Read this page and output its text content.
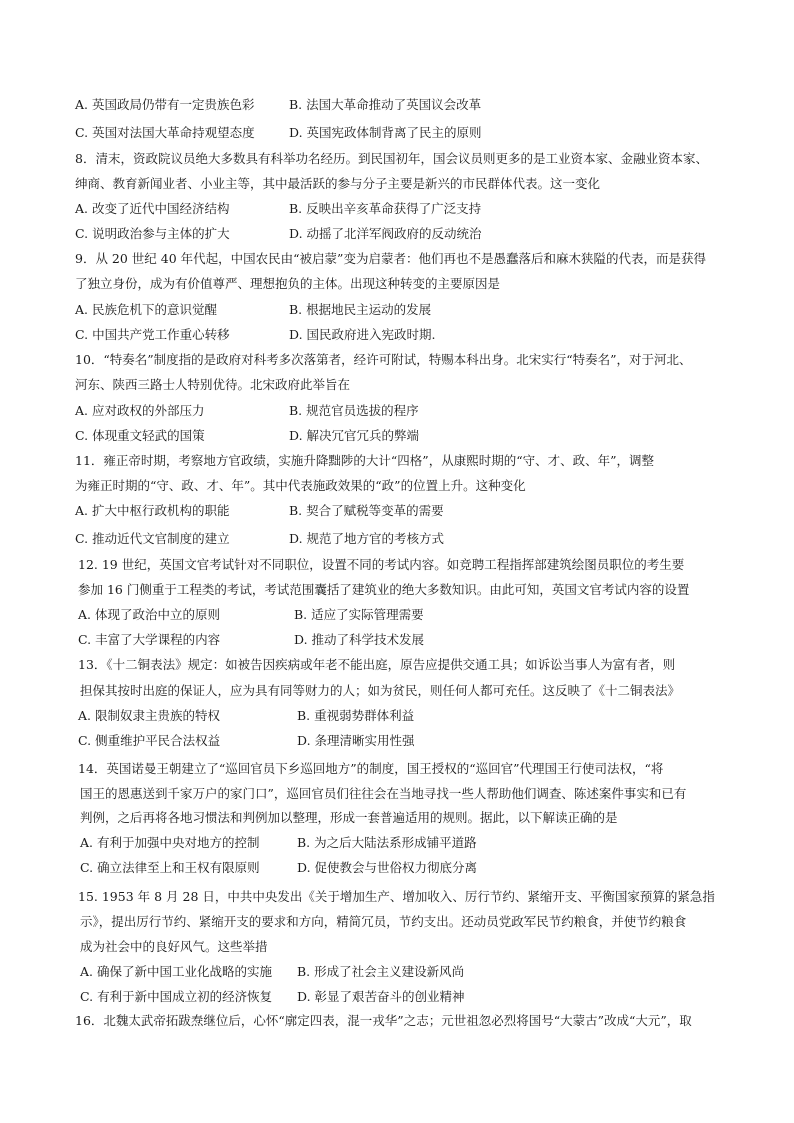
A. 英国政局仍带有一定贵族色彩	B. 法国大革命推动了英国议会改革
C. 英国对法国大革命持观望态度	D. 英国宪政体制背离了民主的原则
8．清末，资政院议员绝大多数具有科举功名经历。到民国初年，国会议员则更多的是工业资本家、金融业资本家、
绅商、教育新闻业者、小业主等，其中最活跃的参与分子主要是新兴的市民群体代表。这一变化
A. 改变了近代中国经济结构	B. 反映出辛亥革命获得了广泛支持
C. 说明政治参与主体的扩大	D. 动摇了北洋军阀政府的反动统治
9．从 20 世纪 40 年代起，中国农民由“被启蒙”变为启蒙者：他们再也不是愚蠢落后和麻木狭隘的代表，而是获得
了独立身份，成为有价值尊严、理想抱负的主体。出现这种转变的主要原因是
A. 民族危机下的意识觉醒	B. 根据地民主运动的发展
C. 中国共产党工作重心转移	D. 国民政府进入宪政时期.
10．“特奏名”制度指的是政府对科考多次落第者，经许可附试，特赐本科出身。北宋实行“特奏名”，对于河北、
河东、陕西三路士人特别优待。北宋政府此举旨在
A. 应对政权的外部压力	B. 规范官员选拔的程序
C. 体现重文轻武的国策	D. 解决冗官冗兵的弊端
11．雍正帝时期，考察地方官政绩，实施升降黜陟的大计“四格”，从康熙时期的“守、才、政、年”，调整
为雍正时期的“守、政、才、年”。其中代表施政效果的“政”的位置上升。这种变化
A. 扩大中枢行政机构的职能	B. 契合了赋税等变革的需要
C. 推动近代文官制度的建立	D. 规范了地方官的考核方式
12. 19 世纪，英国文官考试针对不同职位，设置不同的考试内容。如竞聘工程指挥部建筑绘图员职位的考生要
参加 16 门侧重于工程类的考试，考试范围囊括了建筑业的绝大多数知识。由此可知，英国文官考试内容的设置
A. 体现了政治中立的原则	B. 适应了实际管理需要
C. 丰富了大学课程的内容	D. 推动了科学技术发展
13．《十二铜表法》规定：如被告因疾病或年老不能出庭，原告应提供交通工具；如诉讼当事人为富有者，则
担保其按时出庭的保证人，应为具有同等财力的人；如为贫民，则任何人都可充任。这反映了《十二铜表法》
A. 限制奴隶主贵族的特权	B. 重视弱势群体利益
C. 侧重维护平民合法权益	D. 条理清晰实用性强
14．英国诺曼王朝建立了“巡回官员下乡巡回地方”的制度，国王授权的“巡回官”代理国王行使司法权，“将
国王的恩惠送到千家万户的家门口”，巡回官员们往往会在当地寻找一些人帮助他们调查、陈述案件事实和已有
判例，之后再将各地习惯法和判例加以整理，形成一套普遍适用的规则。据此，以下解读正确的是
A. 有利于加强中央对地方的控制	B. 为之后大陆法系形成铺平道路
C. 确立法律至上和王权有限原则	D. 促使教会与世俗权力彻底分离
15. 1953 年 8 月 28 日，中共中央发出《关于增加生产、增加收入、厉行节约、紧缩开支、平衡国家预算的紧急指
示》，提出厉行节约、紧缩开支的要求和方向，精简冗员，节约支出。还动员党政军民节约粮食，并使节约粮食
成为社会中的良好风气。这些举措
A. 确保了新中国工业化战略的实施 B. 形成了社会主义建设新风尚
C. 有利于新中国成立初的经济恢复 D. 彰显了艰苦奋斗的创业精神
16．北魏太武帝拓跋焘继位后，心怀“廓定四表，混一戎华”之志；元世祖忽必烈将国号“大蒙古”改成“大元”，取
